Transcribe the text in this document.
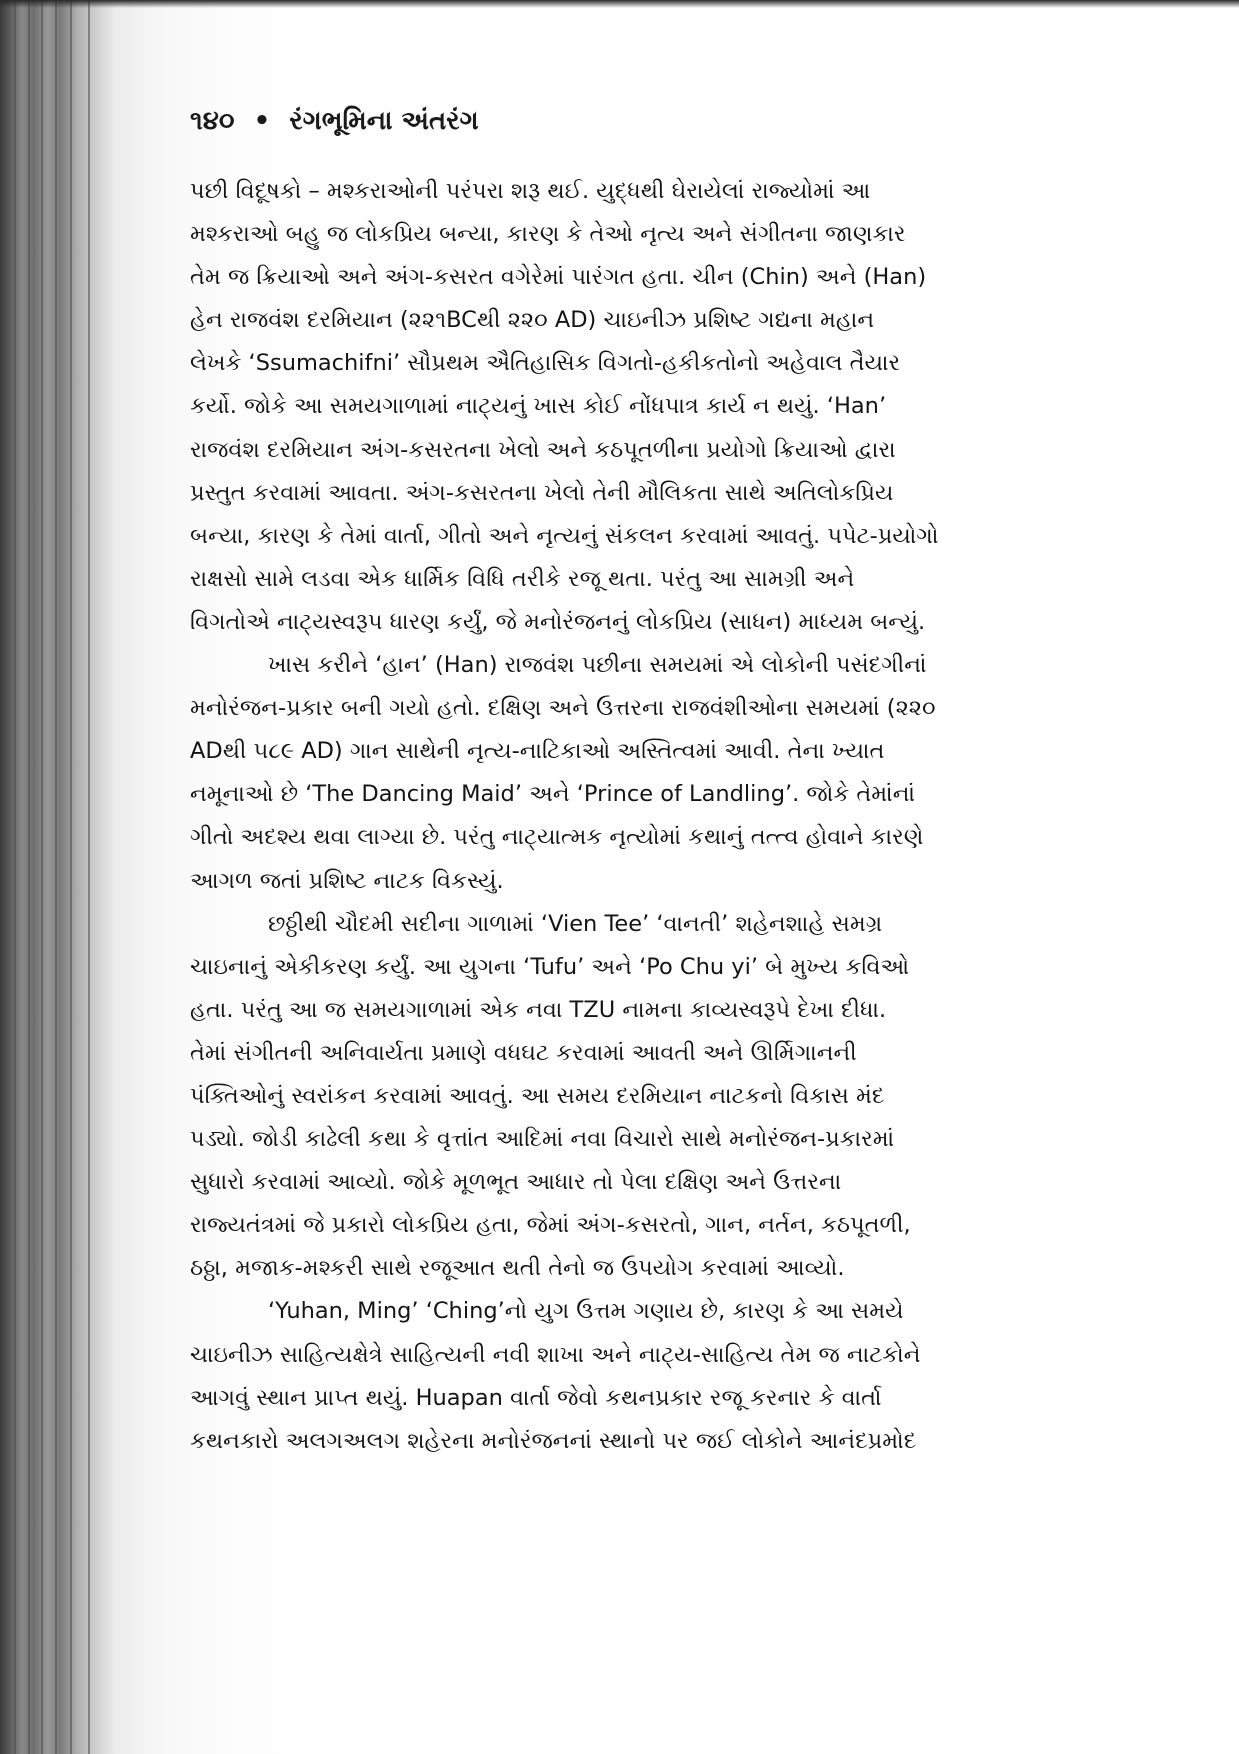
૧૪૦ • રંગભૂમિના અંતરંગ
પછી વિદૂષકો – મશ્કરાઓની પરંપરા શરૂ થઈ. યુદ્ધથી ઘેરાયેલાં રાજ્યોમાં આ
મશ્કરાઓ બહુ જ લોકપ્રિય બન્યા, કારણ કે તેઓ નૃત્ય અને સંગીતના જાણકાર
તેમ જ ક્રિયાઓ અને અંગ-કસરત વગેરેમાં પારંગત હતા. ચીન (Chin) અને (Han)
હેન રાજવંશ દરમિયાન (૨૨૧BCથી ૨૨૦ AD) ચાઇનીઝ પ્રશિષ્ટ ગદ્યના મહાન
લેખકે ‘Ssumachifni’ સૌપ્રથમ ઐતિહાસિક વિગતો-હકીકતોનો અહેવાલ તૈયાર
કર્યો. જોકે આ સમયગાળામાં નાટ્યનું ખાસ કોઈ નોંધપાત્ર કાર્ય ન થયું. ‘Han’
રાજવંશ દરમિયાન અંગ-કસરતના ખેલો અને કઠપૂતળીના પ્રયોગો ક્રિયાઓ દ્વારા
પ્રસ્તુત કરવામાં આવતા. અંગ-કસરતના ખેલો તેની મૌલિકતા સાથે અતિલોકપ્રિય
બન્યા, કારણ કે તેમાં વાર્તા, ગીતો અને નૃત્યનું સંકલન કરવામાં આવતું. પપેટ-પ્રયોગો
રાક્ષસો સામે લડવા એક ધાર્મિક વિધિ તરીકે રજૂ થતા. પરંતુ આ સામગ્રી અને
વિગતોએ નાટ્યસ્વરૂપ ધારણ કર્યું, જે મનોરંજનનું લોકપ્રિય (સાધન) માધ્યમ બન્યું.
ખાસ કરીને ‘હાન’ (Han) રાજવંશ પછીના સમયમાં એ લોકોની પસંદગીનાં
મનોરંજન-પ્રકાર બની ગયો હતો. દક્ષિણ અને ઉત્તરના રાજવંશીઓના સમયમાં (૨૨૦
ADથી ૫૮૯ AD) ગાન સાથેની નૃત્ય-નાટિકાઓ અસ્તિત્વમાં આવી. તેના ખ્યાત
નમૂનાઓ છે ‘The Dancing Maid’ અને ‘Prince of Landling’. જોકે તેમાંનાં
ગીતો અદશ્ય થવા લાગ્યા છે. પરંતુ નાટ્યાત્મક નૃત્યોમાં કથાનું તત્ત્વ હોવાને કારણે
આગળ જતાં પ્રશિષ્ટ નાટક વિકસ્યું.
છઠ્ઠીથી ચૌદમી સદીના ગાળામાં ‘Vien Tee’ ‘વાનતી’ શહેનશાહે સમગ્ર
ચાઇનાનું એકીકરણ કર્યું. આ યુગના ‘Tufu’ અને ‘Po Chu yi’ બે મુખ્ય કવિઓ
હતા. પરંતુ આ જ સમયગાળામાં એક નવા TZU નામના કાવ્યસ્વરૂપે દેખા દીધા.
તેમાં સંગીતની અનિવાર્યતા પ્રમાણે વધઘટ કરવામાં આવતી અને ઊર્મિગાનની
પંક્તિઓનું સ્વરાંકન કરવામાં આવતું. આ સમય દરમિયાન નાટકનો વિકાસ મંદ
પડ્યો. જોડી કાઢેલી કથા કે વૃત્તાંત આદિમાં નવા વિચારો સાથે મનોરંજન-પ્રકારમાં
સુધારો કરવામાં આવ્યો. જોકે મૂળભૂત આધાર તો પેલા દક્ષિણ અને ઉત્તરના
રાજ્યતંત્રમાં જે પ્રકારો લોકપ્રિય હતા, જેમાં અંગ-કસરતો, ગાન, નર્તન, કઠપૂતળી,
ઠઠ્ઠા, મજાક-મશ્કરી સાથે રજૂઆત થતી તેનો જ ઉપયોગ કરવામાં આવ્યો.
‘Yuhan, Ming’ ‘Ching’નો યુગ ઉત્તમ ગણાય છે, કારણ કે આ સમયે
ચાઇનીઝ સાહિત્યક્ષેત્રે સાહિત્યની નવી શાખા અને નાટ્ય-સાહિત્ય તેમ જ નાટકોને
આગવું સ્થાન પ્રાપ્ત થયું. Huapan વાર્તા જેવો કથનપ્રકાર રજૂ કરનાર કે વાર્તા
કથનકારો અલગઅલગ શહેરના મનોરંજનનાં સ્થાનો પર જઈ લોકોને આનંદપ્રમોદ
